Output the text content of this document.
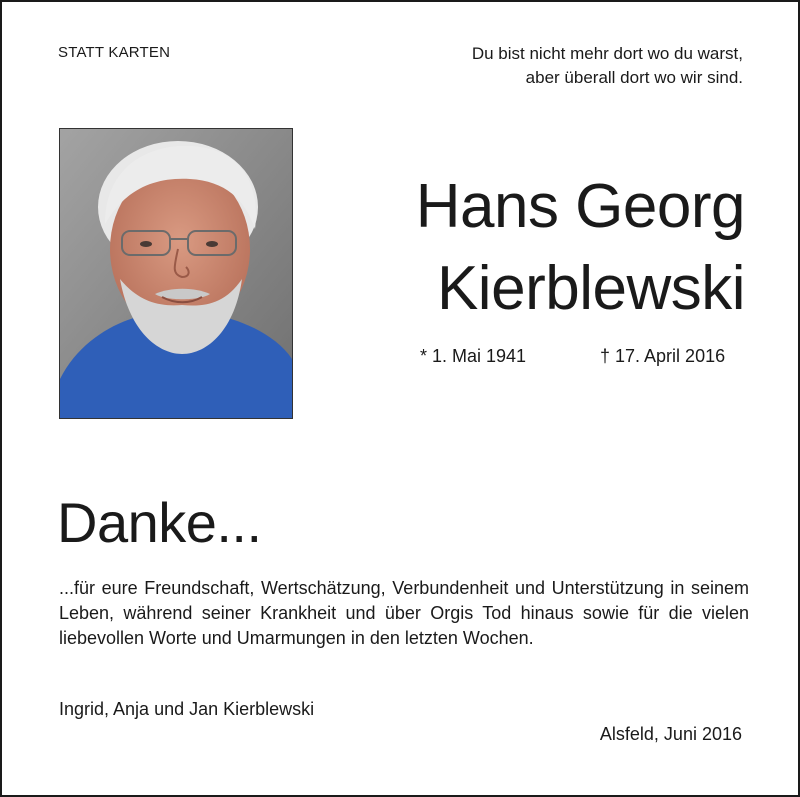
STATT KARTEN	Du bist nicht mehr dort wo du warst,
aber überall dort wo wir sind.
Hans Georg
Kierblewski
* 1. Mai 1941	† 17. April 2016
Danke...
...für eure Freundschaft, Wertschätzung, Verbundenheit und Unterstützung in seinem Leben, während seiner Krankheit und über Orgis Tod hinaus sowie für die vielen liebevollen Worte und Umarmungen in den letzten Wochen.
Ingrid, Anja und Jan Kierblewski
Alsfeld, Juni 2016
